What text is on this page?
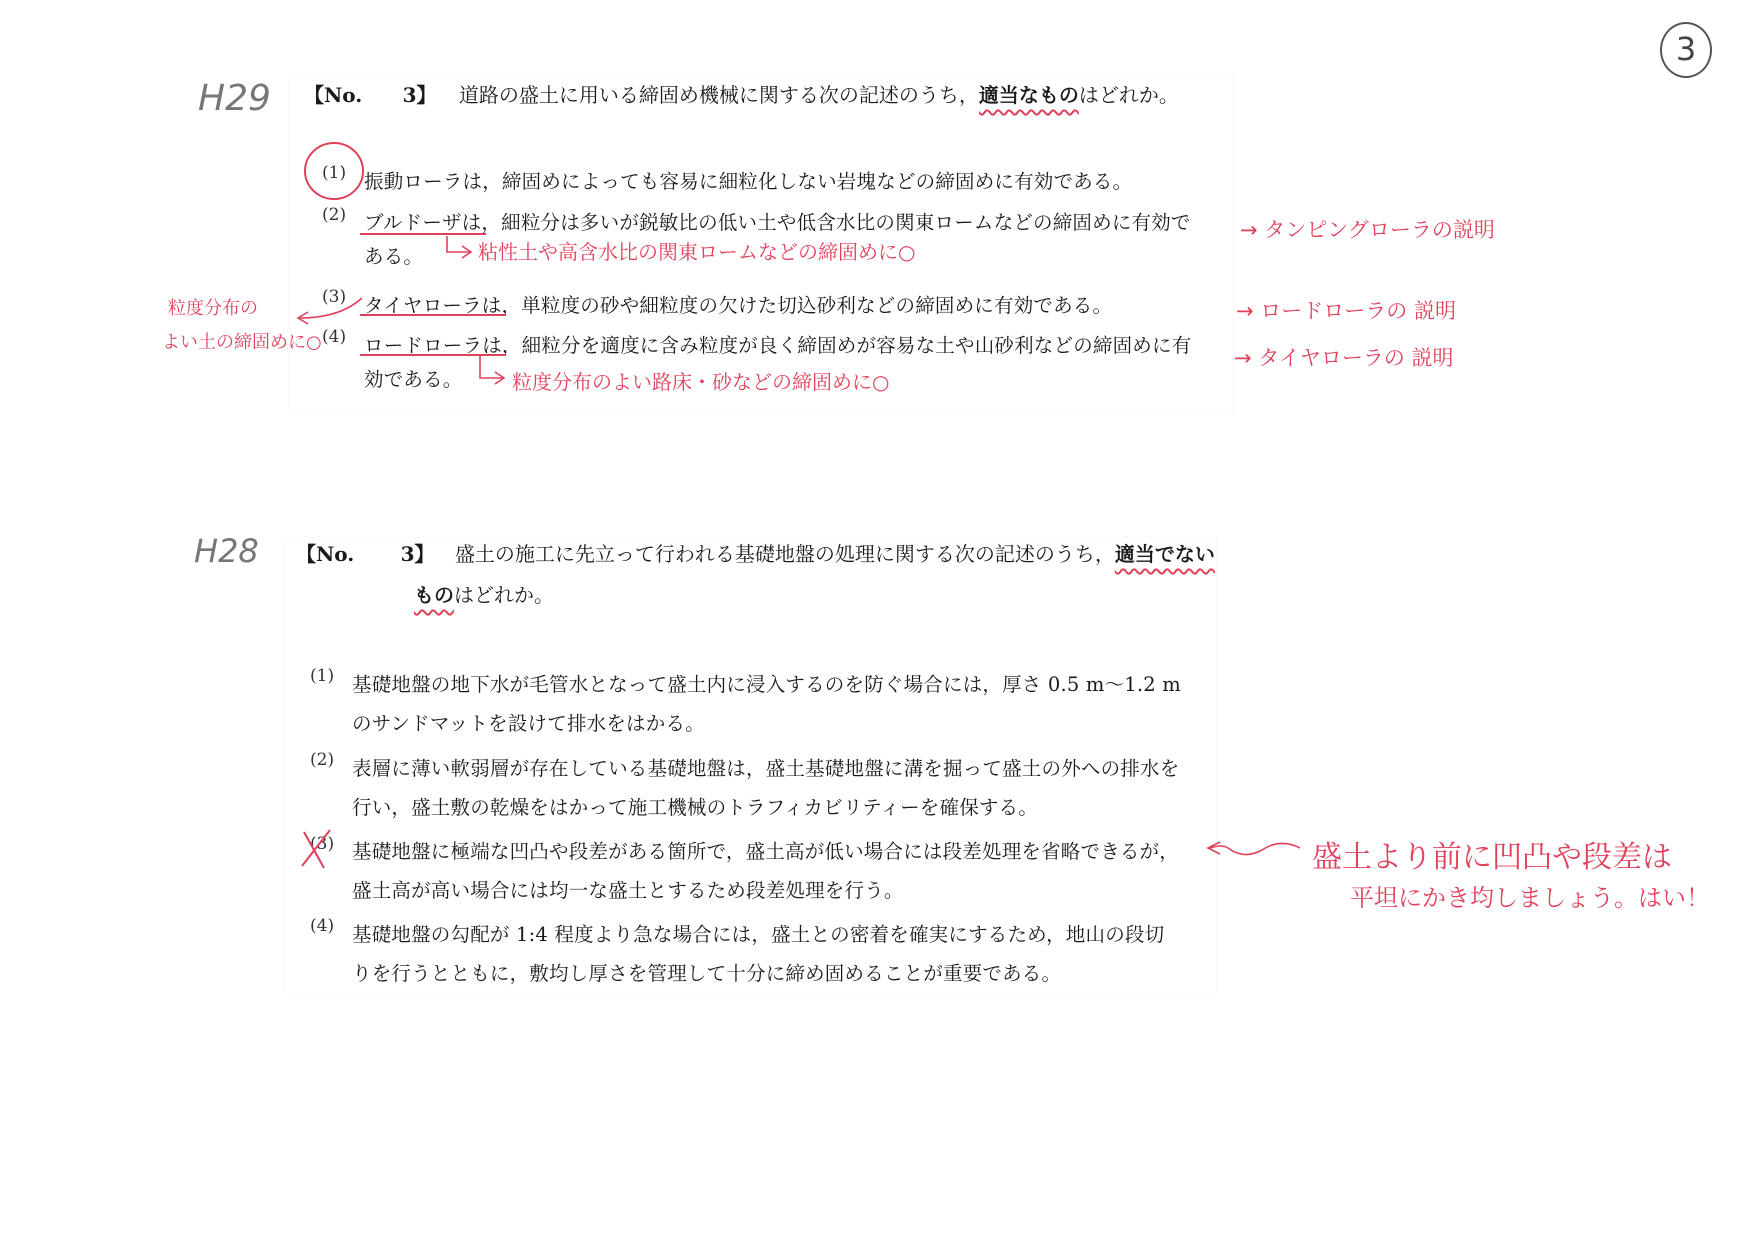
3
H29 【No. 3】 道路の盛土に用いる締固め機械に関する次の記述のうち，適当なものはどれか。
(1) 振動ローラは，締固めによっても容易に細粒化しない岩塊などの締固めに有効である。
(2) ブルドーザは，細粒分は多いが鋭敏比の低い土や低含水比の関東ロームなどの締固めに有効で
ある。
(3) タイヤローラは，単粒度の砂や細粒度の欠けた切込砂利などの締固めに有効である。
(4) ロードローラは，細粒分を適度に含み粒度が良く締固めが容易な土や山砂利などの締固めに有
効である。
粘性土や高含水比の関東ロームなどの締固めに○
粒度分布のよい路床・砂などの締固めに○
粒度分布の
よい土の締固めに○
→ タンピングローラの説明
→ ロードローラの 説明
→ タイヤローラの 説明
H28 【No. 3】 盛土の施工に先立って行われる基礎地盤の処理に関する次の記述のうち，適当でない
ものはどれか。
(1) 基礎地盤の地下水が毛管水となって盛土内に浸入するのを防ぐ場合には，厚さ 0.5 m〜1.2 m
のサンドマットを設けて排水をはかる。
(2) 表層に薄い軟弱層が存在している基礎地盤は，盛土基礎地盤に溝を掘って盛土の外への排水を
行い，盛土敷の乾燥をはかって施工機械のトラフィカビリティーを確保する。
(3) 基礎地盤に極端な凹凸や段差がある箇所で，盛土高が低い場合には段差処理を省略できるが，
盛土高が高い場合には均一な盛土とするため段差処理を行う。
(4) 基礎地盤の勾配が 1:4 程度より急な場合には，盛土との密着を確実にするため，地山の段切
りを行うとともに，敷均し厚さを管理して十分に締め固めることが重要である。
盛土より前に凹凸や段差は
平坦にかき均しましょう。はい！
